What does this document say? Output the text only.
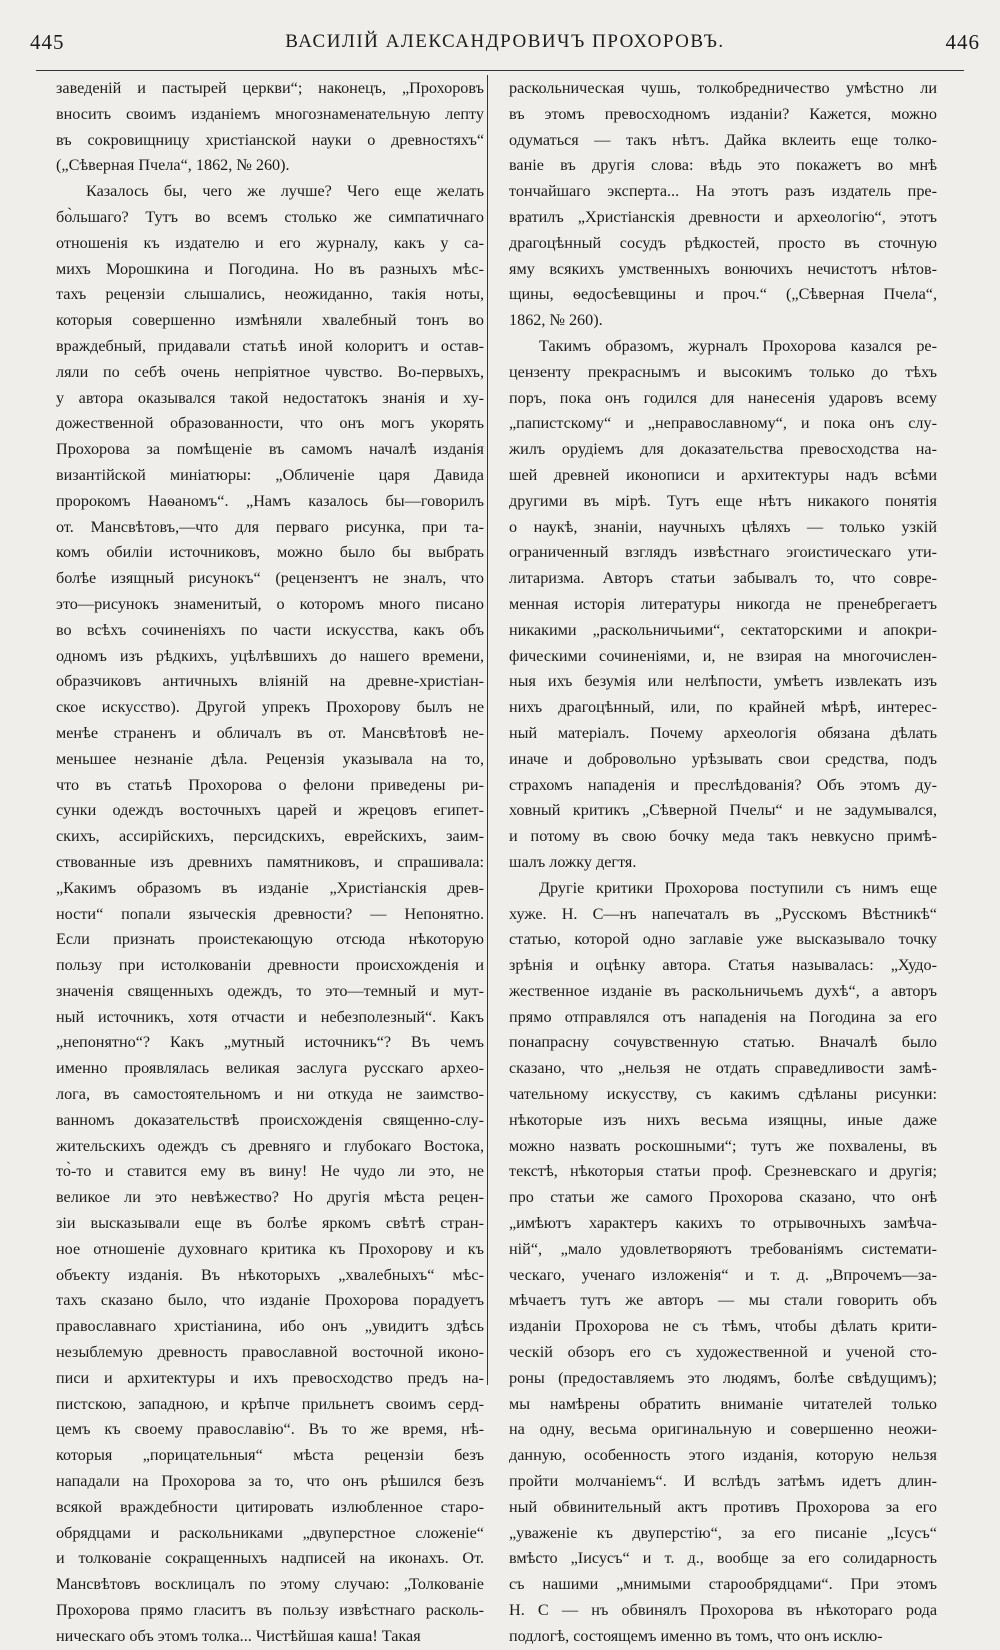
445	ВАСИЛІЙ АЛЕКСАНДРОВИЧЪ ПРОХОРОВЪ.	446

заведеній и пастырей церкви“; наконецъ, „Прохоровъ
вносить своимъ изданіемъ многознаменательную лепту
въ сокровищницу христіанской науки о древностяхъ“
(„Сѣверная Пчела“, 1862, № 260).

Казалось бы, чего же лучше? Чего еще желать
бо̀льшаго? Тутъ во всемъ столько же симпатичнаго
отношенія къ издателю и его журналу, какъ у са-
михъ Морошкина и Погодина. Но въ разныхъ мѣс-
тахъ рецензіи слышались, неожиданно, такія ноты,
которыя совершенно измѣняли хвалебный тонъ во
враждебный, придавали статьѣ иной колоритъ и остав-
ляли по себѣ очень непріятное чувство. Во-первыхъ,
у автора оказывался такой недостатокъ знанія и ху-
дожественной образованности, что онъ могъ укорять
Прохорова за помѣщеніе въ самомъ началѣ изданія
византійской миніатюры: „Обличеніе царя Давида
пророкомъ Наѳаномъ“. „Намъ казалось бы—говорилъ
от. Мансвѣтовъ,—что для перваго рисунка, при та-
комъ обиліи источниковъ, можно было бы выбрать
болѣе изящный рисунокъ“ (рецензентъ не зналъ, что
это—рисунокъ знаменитый, о которомъ много писано
во всѣхъ сочиненіяхъ по части искусства, какъ объ
одномъ изъ рѣдкихъ, уцѣлѣвшихъ до нашего времени,
образчиковъ античныхъ вліяній на древне-христіан-
ское искусство). Другой упрекъ Прохорову былъ не
менѣе страненъ и обличалъ въ от. Мансвѣтовѣ не-
меньшее незнаніе дѣла. Рецензія указывала на то,
что въ статьѣ Прохорова о фелони приведены ри-
сунки одеждъ восточныхъ царей и жрецовъ египет-
скихъ, ассирійскихъ, персидскихъ, еврейскихъ, заим-
ствованные изъ древнихъ памятниковъ, и спрашивала:
„Какимъ образомъ въ изданіе „Христіанскія древ-
ности“ попали языческія древности? — Непонятно.
Если признать проистекающую отсюда нѣкоторую
пользу при истолкованіи древности происхожденія и
значенія священныхъ одеждъ, то это—темный и мут-
ный источникъ, хотя отчасти и небезполезный“. Какъ
„непонятно“? Какъ „мутный источникъ“? Въ чемъ
именно проявлялась великая заслуга русскаго архео-
лога, въ самостоятельномъ и ни откуда не заимство-
ванномъ доказательствѣ происхожденія священно-слу-
жительскихъ одеждъ съ древняго и глубокаго Востока,
то̀-то и ставится ему въ вину! Не чудо ли это, не
великое ли это невѣжество? Но другія мѣста рецен-
зіи высказывали еще въ болѣе яркомъ свѣтѣ стран-
ное отношеніе духовнаго критика къ Прохорову и къ
объекту изданія. Въ нѣкоторыхъ „хвалебныхъ“ мѣс-
тахъ сказано было, что изданіе Прохорова порадуетъ
православнаго христіанина, ибо онъ „увидитъ здѣсь
незыблемую древность православной восточной иконо-
писи и архитектуры и ихъ превосходство предъ на-
пистскою, западною, и крѣпче прильнетъ своимъ серд-
цемъ къ своему православію“. Въ то же время, нѣ-
которыя „порицательныя“ мѣста рецензіи безъ
нападали на Прохорова за то, что онъ рѣшился безъ
всякой враждебности цитировать излюбленное старо-
обрядцами и раскольниками „двуперстное сложеніе“
и толкованіе сокращенныхъ надписей на иконахъ. От.
Мансвѣтовъ восклицалъ по этому случаю: „Толкованіе
Прохорова прямо гласитъ въ пользу извѣстнаго расколь-
ническаго объ этомъ толка... Чистѣйшая каша! Такая

раскольническая чушь, толкобредничество умѣстно ли
въ этомъ превосходномъ изданіи? Кажется, можно
одуматься — такъ нѣтъ. Дайка вклеить еще толко-
ваніе въ другія слова: вѣдь это покажетъ во мнѣ
тончайшаго эксперта... На этотъ разъ издатель пре-
вратилъ „Христіанскія древности и археологію“, этотъ
драгоцѣнный сосудъ рѣдкостей, просто въ сточную
яму всякихъ умственныхъ вонючихъ нечистотъ нѣтов-
щины, ѳедосѣевщины и проч.“ („Сѣверная Пчела“,
1862, № 260).

Такимъ образомъ, журналъ Прохорова казался ре-
цензенту прекраснымъ и высокимъ только до тѣхъ
поръ, пока онъ годился для нанесенія ударовъ всему
„папистскому“ и „неправославному“, и пока онъ слу-
жилъ орудіемъ для доказательства превосходства на-
шей древней иконописи и архитектуры надъ всѣми
другими въ мірѣ. Тутъ еще нѣтъ никакого понятія
о наукѣ, знаніи, научныхъ цѣляхъ — только узкій
ограниченный взглядъ извѣстнаго эгоистическаго ути-
литаризма. Авторъ статьи забывалъ то, что совре-
менная исторія литературы никогда не пренебрегаетъ
никакими „раскольничьими“, сектаторскими и апокри-
фическими сочиненіями, и, не взирая на многочислен-
ныя ихъ безумія или нелѣпости, умѣетъ извлекать изъ
нихъ драгоцѣнный, или, по крайней мѣрѣ, интерес-
ный матеріалъ. Почему археологія обязана дѣлать
иначе и добровольно урѣзывать свои средства, подъ
страхомъ нападенія и преслѣдованія? Объ этомъ ду-
ховный критикъ „Сѣверной Пчелы“ и не задумывался,
и потому въ свою бочку меда такъ невкусно примѣ-
шалъ ложку дегтя.

Другіе критики Прохорова поступили съ нимъ еще
хуже. Н. С—нъ напечаталъ въ „Русскомъ Вѣстникѣ“
статью, которой одно заглавіе уже высказывало точку
зрѣнія и оцѣнку автора. Статья называлась: „Худо-
жественное изданіе въ раскольничьемъ духѣ“, а авторъ
прямо отправлялся отъ нападенія на Погодина за его
понапрасну сочувственную статью. Вначалѣ было
сказано, что „нельзя не отдать справедливости замѣ-
чательному искусству, съ какимъ сдѣланы рисунки:
нѣкоторые изъ нихъ весьма изящны, иные даже
можно назвать роскошными“; тутъ же похвалены, въ
текстѣ, нѣкоторыя статьи проф. Срезневскаго и другія;
про статьи же самого Прохорова сказано, что онѣ
„имѣютъ характеръ какихъ то отрывочныхъ замѣча-
ній“, „мало удовлетворяютъ требованіямъ системати-
ческаго, ученаго изложенія“ и т. д. „Впрочемъ—за-
мѣчаетъ тутъ же авторъ — мы стали говорить объ
изданіи Прохорова не съ тѣмъ, чтобы дѣлать крити-
ческій обзоръ его съ художественной и ученой сто-
роны (предоставляемъ это людямъ, болѣе свѣдущимъ);
мы намѣрены обратить вниманіе читателей только
на одну, весьма оригинальную и совершенно неожи-
данную, особенность этого изданія, которую нельзя
пройти молчаніемъ“. И вслѣдъ затѣмъ идетъ длин-
ный обвинительный актъ противъ Прохорова за его
„уваженіе къ двуперстію“, за его писаніе „Ісусъ“
вмѣсто „Іисусъ“ и т. д., вообще за его солидарность
съ нашими „мнимыми старообрядцами“. При этомъ
Н. С — нъ обвинялъ Прохорова въ нѣкотораго рода
подлогѣ, состоящемъ именно въ томъ, что онъ исклю-
